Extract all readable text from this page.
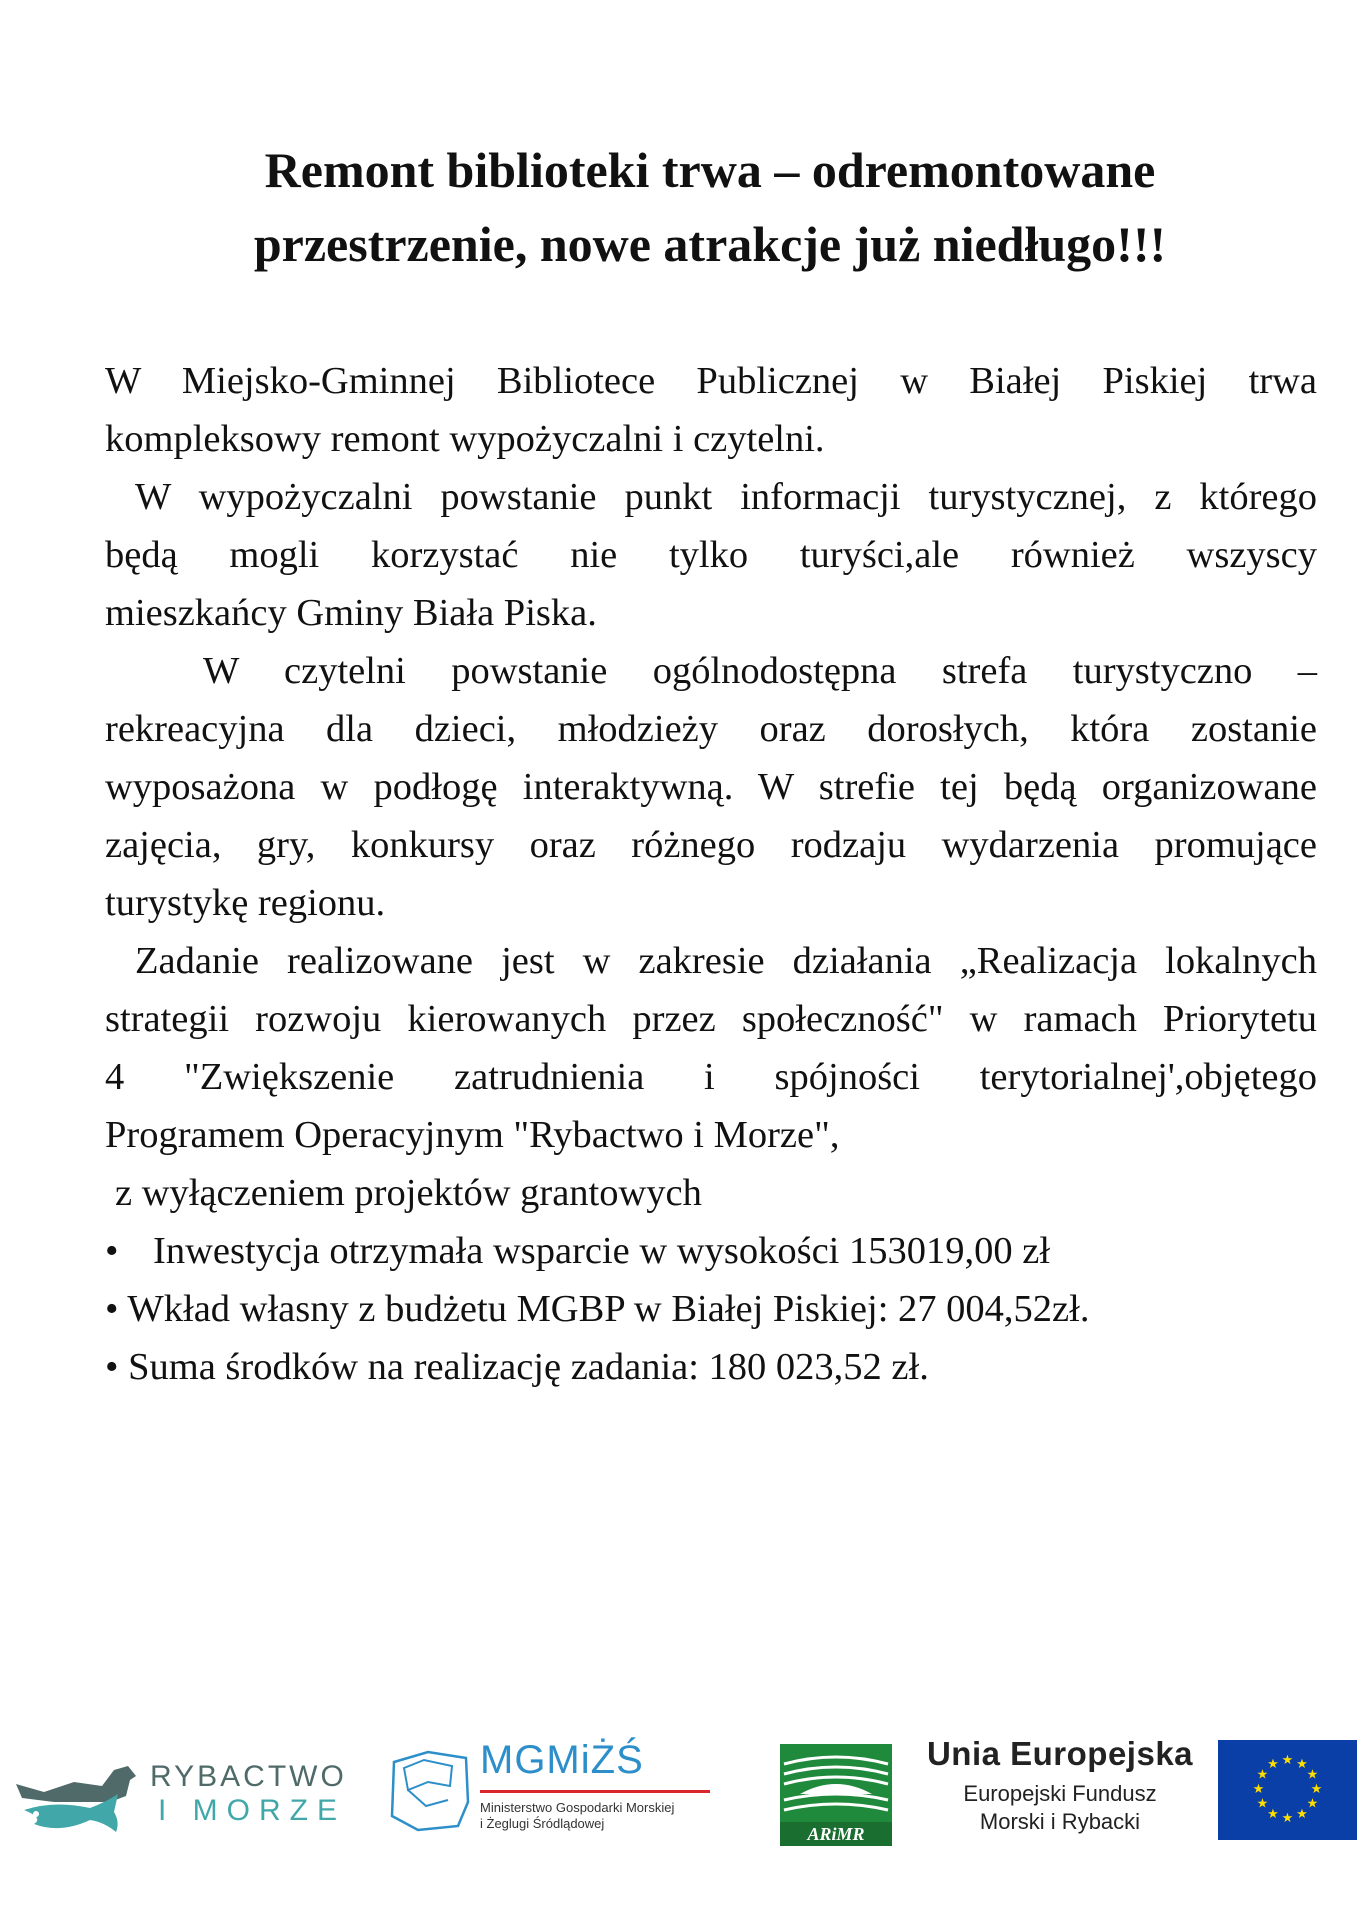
Remont biblioteki trwa – odremontowane
przestrzenie, nowe atrakcje już niedługo!!!
W Miejsko-Gminnej Bibliotece Publicznej w Białej Piskiej trwa
kompleksowy remont wypożyczalni i czytelni.
W wypożyczalni powstanie punkt informacji turystycznej, z którego
będą mogli korzystać nie tylko turyści,ale również wszyscy
mieszkańcy Gminy Biała Piska.
W czytelni powstanie ogólnodostępna strefa turystyczno –
rekreacyjna dla dzieci, młodzieży oraz dorosłych, która zostanie
wyposażona w podłogę interaktywną. W strefie tej będą organizowane
zajęcia, gry, konkursy oraz różnego rodzaju wydarzenia promujące
turystykę regionu.
Zadanie realizowane jest w zakresie działania „Realizacja lokalnych
strategii rozwoju kierowanych przez społeczność" w ramach Priorytetu
4 "Zwiększenie zatrudnienia i spójności terytorialnej',objętego
Programem Operacyjnym "Rybactwo i Morze",
z wyłączeniem projektów grantowych
• Inwestycja otrzymała wsparcie w wysokości 153019,00 zł
• Wkład własny z budżetu MGBP w Białej Piskiej: 27 004,52zł.
• Suma środków na realizację zadania: 180 023,52 zł.
RYBACTWO
I MORZE
MGMiŻŚ
Ministerstwo Gospodarki Morskiej
i Żeglugi Śródlądowej
ARiMR
Unia Europejska
Europejski Fundusz
Morski i Rybacki
★ ★
★
★
★
★
★
★
★
★
★
★
